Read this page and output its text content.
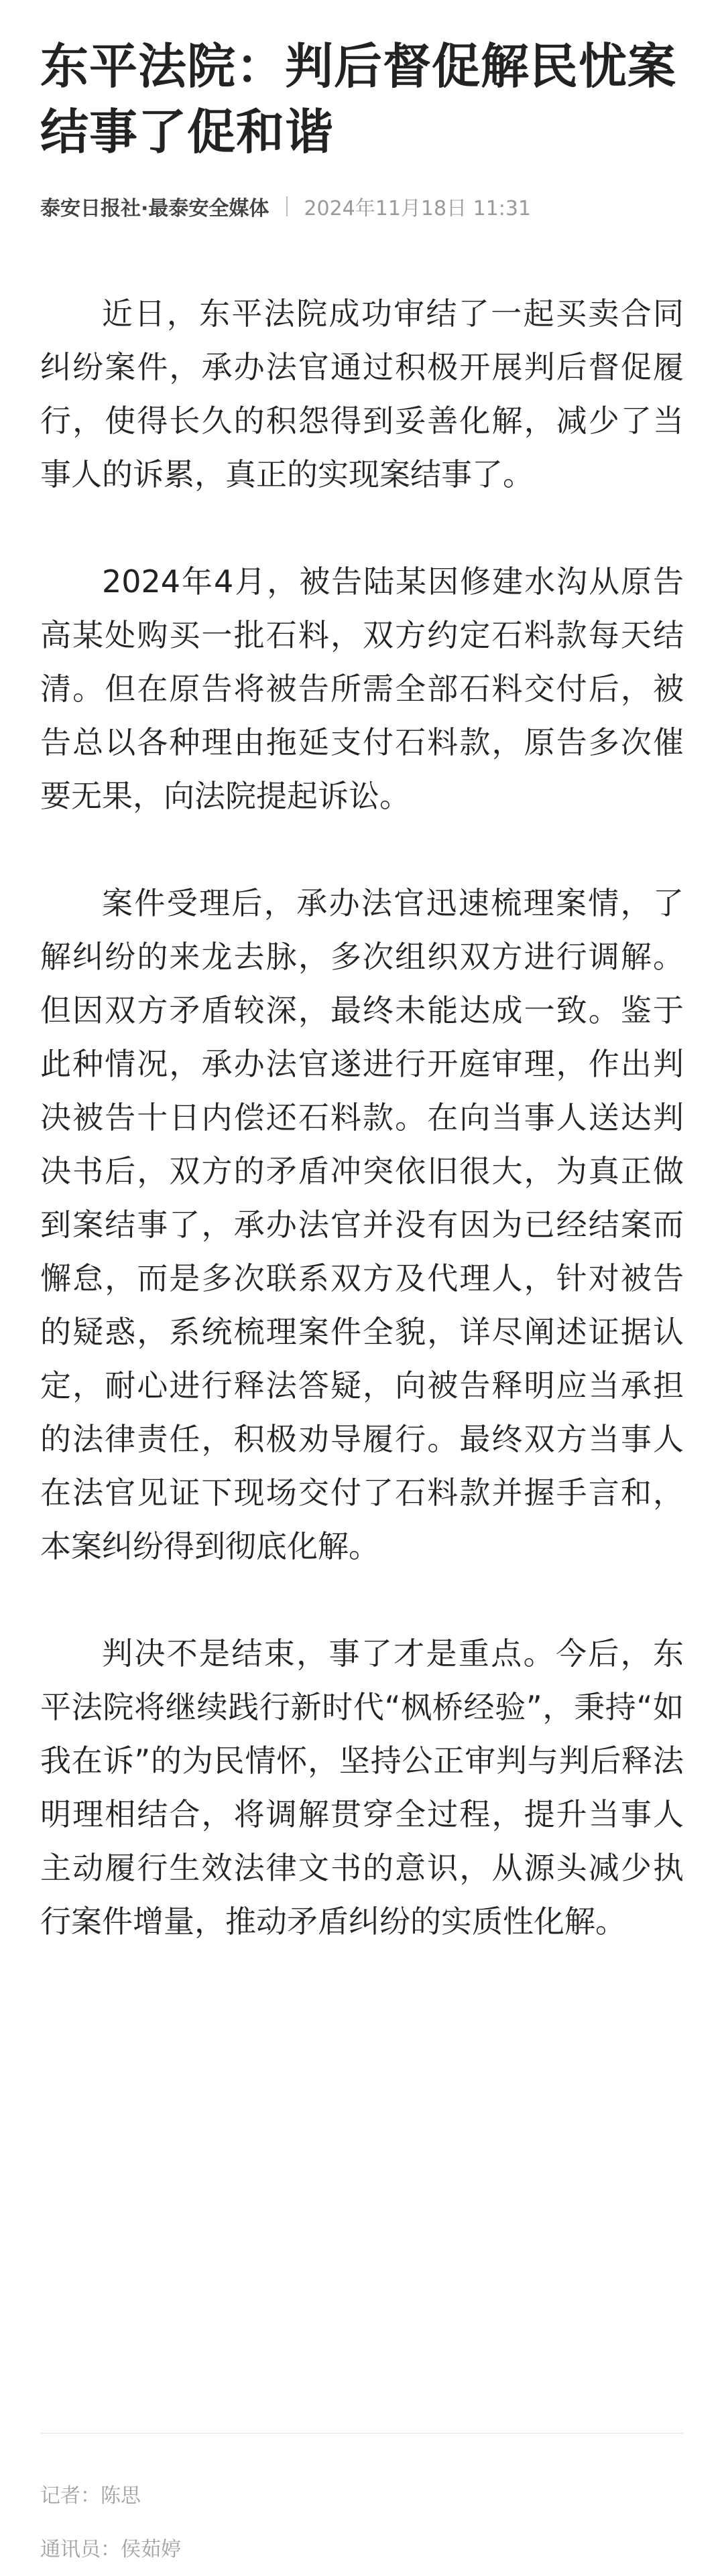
东平法院：判后督促解民忧案结事了促和谐
泰安日报社·最泰安全媒体 2024年11月18日 11:31

近日，东平法院成功审结了一起买卖合同纠纷案件，承办法官通过积极开展判后督促履行，使得长久的积怨得到妥善化解，减少了当事人的诉累，真正的实现案结事了。

2024年4月，被告陆某因修建水沟从原告高某处购买一批石料，双方约定石料款每天结清。但在原告将被告所需全部石料交付后，被告总以各种理由拖延支付石料款，原告多次催要无果，向法院提起诉讼。

案件受理后，承办法官迅速梳理案情，了解纠纷的来龙去脉，多次组织双方进行调解。但因双方矛盾较深，最终未能达成一致。鉴于此种情况，承办法官遂进行开庭审理，作出判决被告十日内偿还石料款。在向当事人送达判决书后，双方的矛盾冲突依旧很大，为真正做到案结事了，承办法官并没有因为已经结案而懈怠，而是多次联系双方及代理人，针对被告的疑惑，系统梳理案件全貌，详尽阐述证据认定，耐心进行释法答疑，向被告释明应当承担的法律责任，积极劝导履行。最终双方当事人在法官见证下现场交付了石料款并握手言和，本案纠纷得到彻底化解。

判决不是结束，事了才是重点。今后，东平法院将继续践行新时代“枫桥经验”，秉持“如我在诉”的为民情怀，坚持公正审判与判后释法明理相结合，将调解贯穿全过程，提升当事人主动履行生效法律文书的意识，从源头减少执行案件增量，推动矛盾纠纷的实质性化解。

记者：陈思
通讯员：侯茹婷
